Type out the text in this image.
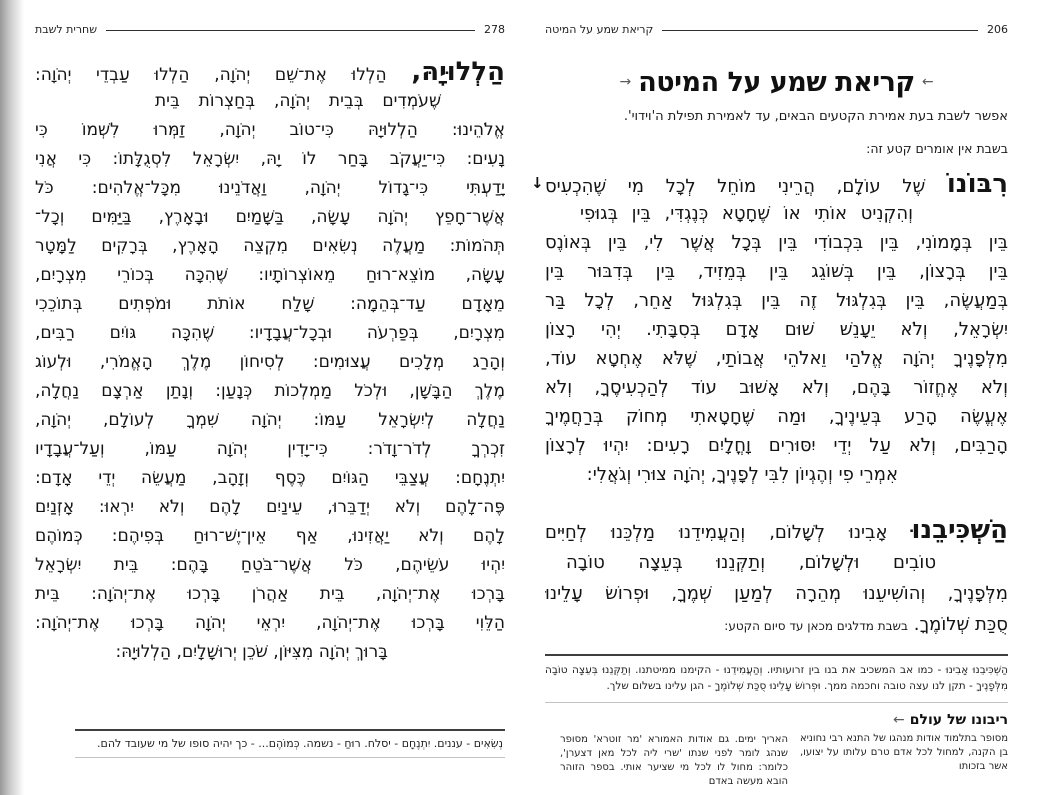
שחרית לשבת	278
הַלְלוּיָהּ, הַלְלוּ אֶת־שֵׁם יְהֹוָה, הַלְלוּ עַבְדֵי יְהֹוָה:
שֶׁעֹמְדִים בְּבֵית יְהֹוָה, בְּחַצְרוֹת בֵּית
אֱלֹהֵינוּ: הַלְלוּיָהּ כִּי־טוֹב יְהֹוָה, זַמְּרוּ לִשְׁמוֹ כִּי
נָעִים: כִּי־יַעֲקֹב בָּחַר לוֹ יָהּ, יִשְׂרָאֵל לִסְגֻלָּתוֹ: כִּי אֲנִי
יָדַעְתִּי כִּי־גָדוֹל יְהֹוָה, וַאֲדֹנֵינוּ מִכָּל־אֱלֹהִים: כֹּל
אֲשֶׁר־חָפֵץ יְהֹוָה עָשָׂה, בַּשָּׁמַיִם וּבָאָרֶץ, בַּיַּמִּים וְכָל־
תְּהֹמוֹת: מַעֲלֶה נְשִׂאִים מִקְצֵה הָאָרֶץ, בְּרָקִים לַמָּטָר
עָשָׂה, מוֹצֵא־רוּחַ מֵאוֹצְרוֹתָיו: שֶׁהִכָּה בְּכוֹרֵי מִצְרָיִם,
מֵאָדָם עַד־בְּהֵמָה: שָׁלַח אוֹתֹת וּמֹפְתִים בְּתוֹכֵכִי
מִצְרָיִם, בְּפַרְעֹה וּבְכָל־עֲבָדָיו: שֶׁהִכָּה גּוֹיִם רַבִּים,
וְהָרַג מְלָכִים עֲצוּמִים: לְסִיחוֹן מֶלֶךְ הָאֱמֹרִי, וּלְעוֹג
מֶלֶךְ הַבָּשָׁן, וּלְכֹל מַמְלְכוֹת כְּנָעַן: וְנָתַן אַרְצָם נַחֲלָה,
נַחֲלָה לְיִשְׂרָאֵל עַמּוֹ: יְהֹוָה שִׁמְךָ לְעוֹלָם, יְהֹוָה,
זִכְרְךָ לְדֹר־וָדֹר: כִּי־יָדִין יְהֹוָה עַמּוֹ, וְעַל־עֲבָדָיו
יִתְנֶחָם: עֲצַבֵּי הַגּוֹיִם כֶּסֶף וְזָהָב, מַעֲשֵׂה יְדֵי אָדָם:
פֶּה־לָהֶם וְלֹא יְדַבֵּרוּ, עֵינַיִם לָהֶם וְלֹא יִרְאוּ: אָזְנַיִם
לָהֶם וְלֹא יַאֲזִינוּ, אַף אֵין־יֶשׁ־רוּחַ בְּפִיהֶם: כְּמוֹהֶם
יִהְיוּ עֹשֵׂיהֶם, כֹּל אֲשֶׁר־בֹּטֵחַ בָּהֶם: בֵּית יִשְׂרָאֵל
בָּרְכוּ אֶת־יְהֹוָה, בֵּית אַהֲרֹן בָּרְכוּ אֶת־יְהֹוָה: בֵּית
הַלֵּוִי בָּרְכוּ אֶת־יְהֹוָה, יִרְאֵי יְהֹוָה בָּרְכוּ אֶת־יְהֹוָה:
בָּרוּךְ יְהֹוָה מִצִּיּוֹן, שֹׁכֵן יְרוּשָׁלָיִם, הַלְלוּיָהּ:
נְשִׂאִים - עננים. יִתְנֶחָם - יסלח. רוּחַ - נשמה. כְּמוֹהֶם... - כך יהיה סופו של מי שעובד להם.
קריאת שמע על המיטה	206
←
קריאת שמע על המיטה
→
אפשר לשבת בעת אמירת הקטעים הבאים, עד לאמירת תפילת ה'וידוי'.
בשבת אין אומרים קטע זה:
↓	רִבּוֹנוֹ שֶׁל עוֹלָם, הֲרֵינִי מוֹחֵל לְכָל מִי שֶׁהִכְעִיס
וְהִקְנִיט אוֹתִי אוֹ שֶׁחָטָא כְּנֶגְדִּי, בֵּין בְּגוּפִי
בֵּין בְּמָמוֹנִי, בֵּין בִּכְבוֹדִי בֵּין בְּכָל אֲשֶׁר לִי, בֵּין בְּאוֹנֶס
בֵּין בְּרָצוֹן, בֵּין בְּשׁוֹגֵג בֵּין בְּמֵזִיד, בֵּין בְּדִבּוּר בֵּין
בְּמַעֲשֶׂה, בֵּין בְּגִלְגּוּל זֶה בֵּין בְּגִלְגּוּל אַחֵר, לְכָל בַּר
יִשְׂרָאֵל, וְלֹא יֵעָנֵשׁ שׁוּם אָדָם בְּסִבָּתִי. יְהִי רָצוֹן
מִלְּפָנֶיךָ יְהֹוָה אֱלֹהַי וֵאלֹהֵי אֲבוֹתַי, שֶׁלֹּא אֶחְטָא עוֹד,
וְלֹא אֶחֱזוֹר בָּהֶם, וְלֹא אָשׁוּב עוֹד לְהַכְעִיסֶךָ, וְלֹא
אֶעֱשֶׂה הָרַע בְּעֵינֶיךָ, וּמַה שֶּׁחָטָאתִי מְחוֹק בְּרַחֲמֶיךָ
הָרַבִּים, וְלֹא עַל יְדֵי יִסּוּרִים וָחֳלָיִם רָעִים: יִהְיוּ לְרָצוֹן
אִמְרֵי פִי וְהֶגְיוֹן לִבִּי לְפָנֶיךָ, יְהֹוָה צוּרִי וְגֹאֲלִי:
הַשְׁכִּיבֵנוּ אָבִינוּ לְשָׁלוֹם, וְהַעֲמִידֵנוּ מַלְכֵּנוּ לְחַיִּים
טוֹבִים וּלְשָׁלוֹם, וְתַקְּנֵנוּ בְּעֵצָה טוֹבָה
מִלְּפָנֶיךָ, וְהוֹשִׁיעֵנוּ מְהֵרָה לְמַעַן שְׁמֶךָ, וּפְרוֹשׂ עָלֵינוּ
סֻכַּת שְׁלוֹמֶךָ. בשבת מדלגים מכאן עד סיום הקטע:
הַשְׁכִּיבֵנוּ אָבִינוּ - כמו אב המשכיב את בנו בין זרועותיו. וְהַעֲמִידֵנוּ - הקימנו ממיטתנו. וְתַקְּנֵנוּ בְּעֵצָה טוֹבָה מִלְּפָנֶיךָ - תקן לנו עצה טובה וחכמה ממך. וּפְרוֹשׂ עָלֵינוּ סֻכַּת שְׁלוֹמֶךָ - הגן עלינו בשלום שלך.
ריבונו של עולם
←
מסופר בתלמוד אודות מנהגו של התנא רבי נחוניא בן הקנה, למחול לכל אדם טרם עלותו על יצועו, אשר בזכותו
האריך ימים. גם אודות האמורא 'מר זוטרא' מסופר שנהג לומר לפני שנתו 'שרי ליה לכל מאן דצערן', כלומר: מחול לו לכל מי שציער אותי. בספר הזוהר הובא מעשה באדם
